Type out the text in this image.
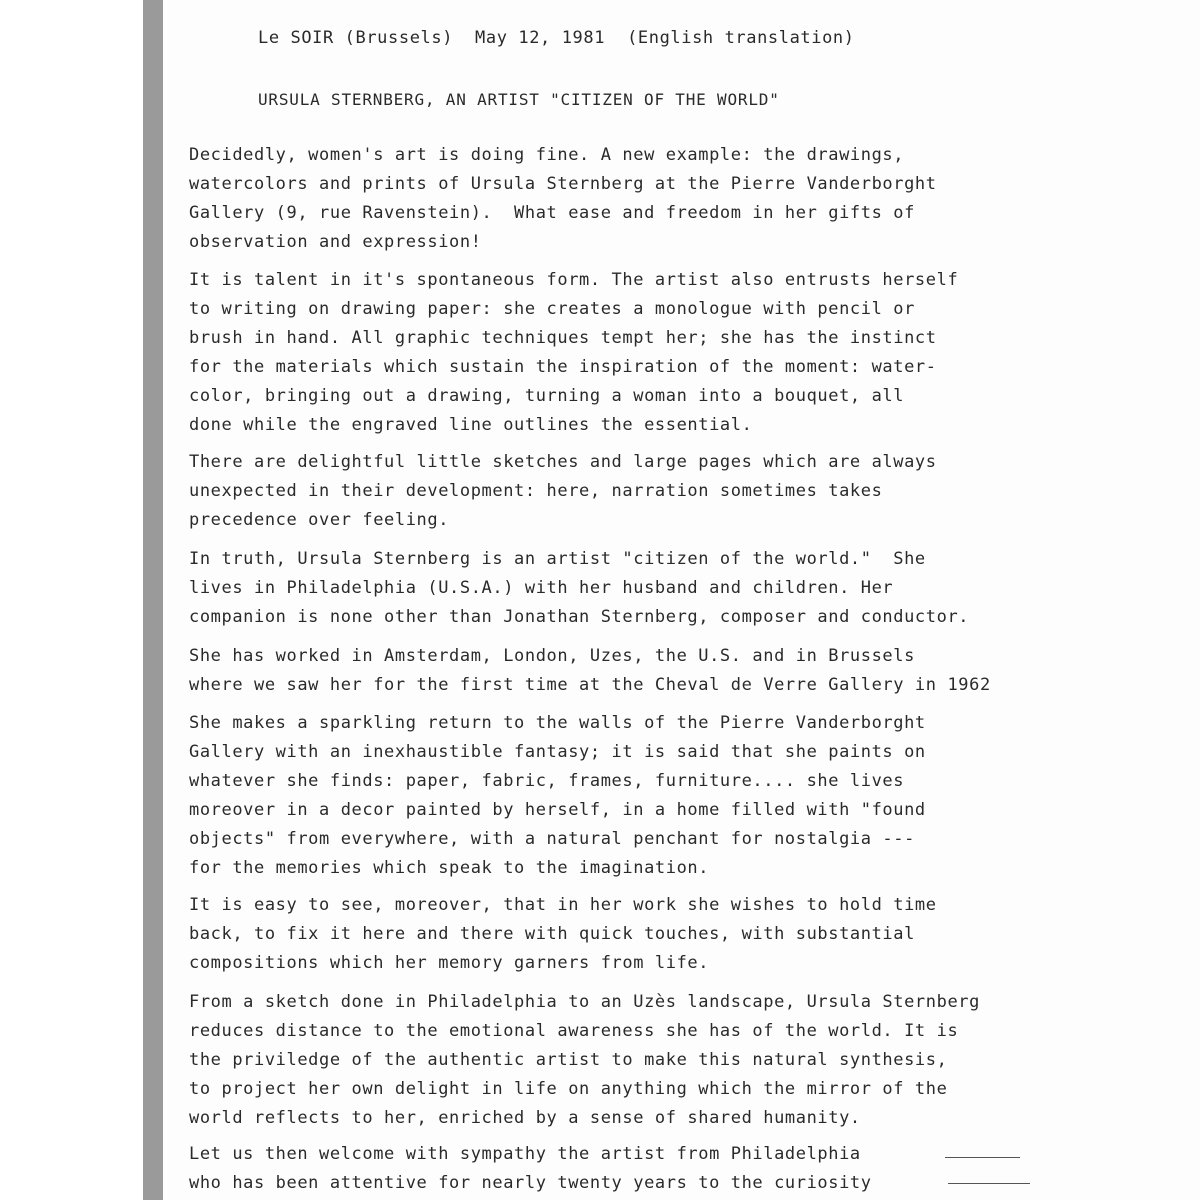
Le SOIR (Brussels) May 12, 1981 (English translation)
URSULA STERNBERG, AN ARTIST "CITIZEN OF THE WORLD"
Decidedly, women's art is doing fine. A new example: the drawings,
watercolors and prints of Ursula Sternberg at the Pierre Vanderborght
Gallery (9, rue Ravenstein).  What ease and freedom in her gifts of
observation and expression!
It is talent in it's spontaneous form. The artist also entrusts herself
to writing on drawing paper: she creates a monologue with pencil or
brush in hand. All graphic techniques tempt her; she has the instinct
for the materials which sustain the inspiration of the moment: water-
color, bringing out a drawing, turning a woman into a bouquet, all
done while the engraved line outlines the essential.
There are delightful little sketches and large pages which are always
unexpected in their development: here, narration sometimes takes
precedence over feeling.
In truth, Ursula Sternberg is an artist "citizen of the world."  She
lives in Philadelphia (U.S.A.) with her husband and children. Her
companion is none other than Jonathan Sternberg, composer and conductor.
She has worked in Amsterdam, London, Uzes, the U.S. and in Brussels
where we saw her for the first time at the Cheval de Verre Gallery in 1962
She makes a sparkling return to the walls of the Pierre Vanderborght
Gallery with an inexhaustible fantasy; it is said that she paints on
whatever she finds: paper, fabric, frames, furniture.... she lives
moreover in a decor painted by herself, in a home filled with "found
objects" from everywhere, with a natural penchant for nostalgia ---
for the memories which speak to the imagination.
It is easy to see, moreover, that in her work she wishes to hold time
back, to fix it here and there with quick touches, with substantial
compositions which her memory garners from life.
From a sketch done in Philadelphia to an Uzès landscape, Ursula Sternberg
reduces distance to the emotional awareness she has of the world. It is
the priviledge of the authentic artist to make this natural synthesis,
to project her own delight in life on anything which the mirror of the
world reflects to her, enriched by a sense of shared humanity.
Let us then welcome with sympathy the artist from Philadelphia
who has been attentive for nearly twenty years to the curiosity
